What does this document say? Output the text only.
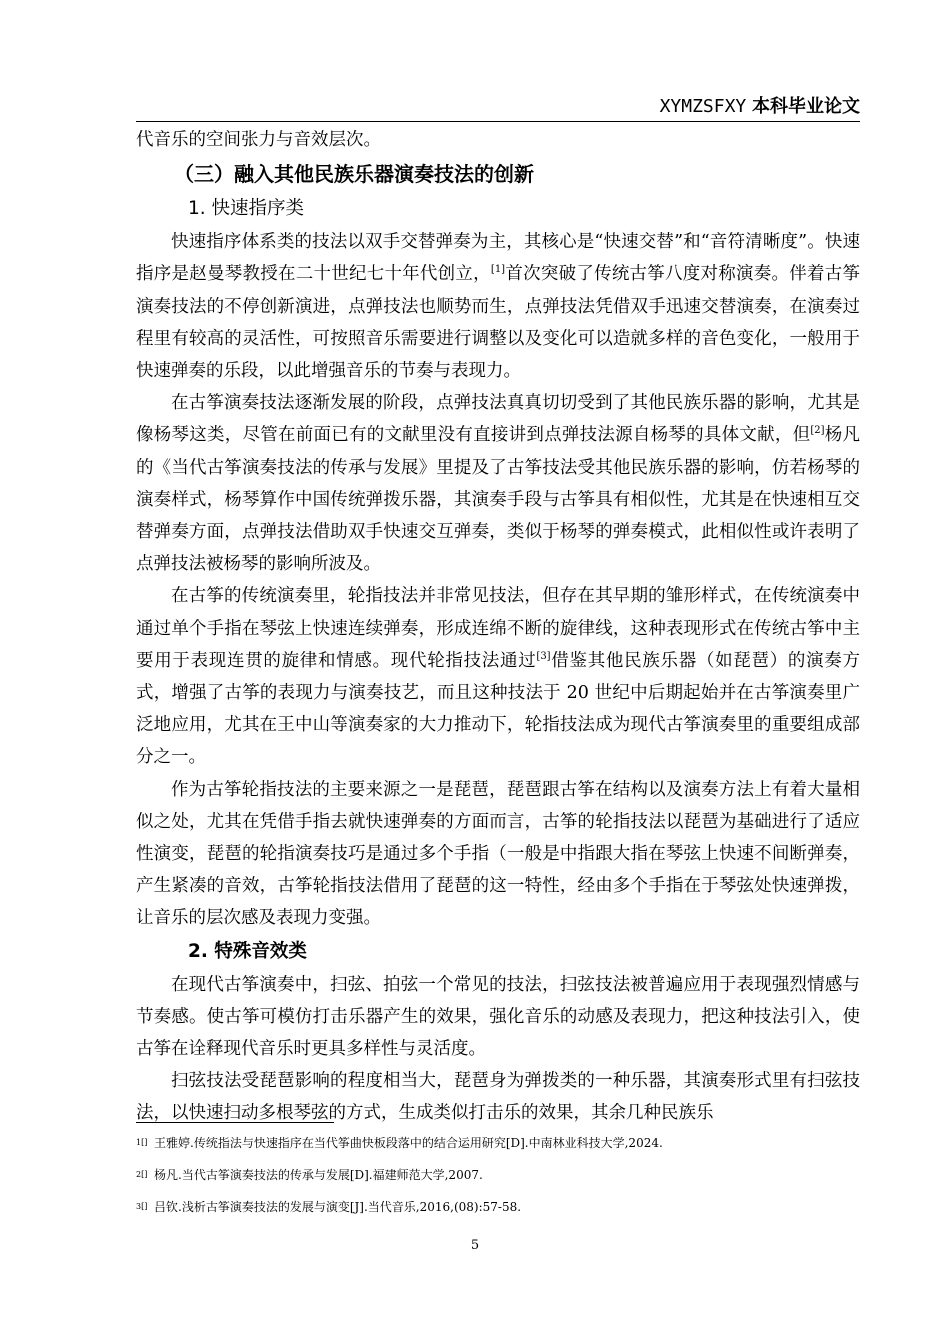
XYMZSFXY 本科毕业论文

代音乐的空间张力与音效层次。

（三）融入其他民族乐器演奏技法的创新
1. 快速指序类

快速指序体系类的技法以双手交替弹奏为主，其核心是“快速交替”和“音符清晰度”。快速指序是赵曼琴教授在二十世纪七十年代创立，[1]首次突破了传统古筝八度对称演奏。伴着古筝演奏技法的不停创新演进，点弹技法也顺势而生，点弹技法凭借双手迅速交替演奏，在演奏过程里有较高的灵活性，可按照音乐需要进行调整以及变化可以造就多样的音色变化，一般用于快速弹奏的乐段，以此增强音乐的节奏与表现力。

在古筝演奏技法逐渐发展的阶段，点弹技法真真切切受到了其他民族乐器的影响，尤其是像杨琴这类，尽管在前面已有的文献里没有直接讲到点弹技法源自杨琴的具体文献，但[2]杨凡的《当代古筝演奏技法的传承与发展》里提及了古筝技法受其他民族乐器的影响，仿若杨琴的演奏样式，杨琴算作中国传统弹拨乐器，其演奏手段与古筝具有相似性，尤其是在快速相互交替弹奏方面，点弹技法借助双手快速交互弹奏，类似于杨琴的弹奏模式，此相似性或许表明了点弹技法被杨琴的影响所波及。

在古筝的传统演奏里，轮指技法并非常见技法，但存在其早期的雏形样式，在传统演奏中通过单个手指在琴弦上快速连续弹奏，形成连绵不断的旋律线，这种表现形式在传统古筝中主要用于表现连贯的旋律和情感。现代轮指技法通过[3]借鉴其他民族乐器（如琵琶）的演奏方式，增强了古筝的表现力与演奏技艺，而且这种技法于 20 世纪中后期起始并在古筝演奏里广泛地应用，尤其在王中山等演奏家的大力推动下，轮指技法成为现代古筝演奏里的重要组成部分之一。

作为古筝轮指技法的主要来源之一是琵琶，琵琶跟古筝在结构以及演奏方法上有着大量相似之处，尤其在凭借手指去就快速弹奏的方面而言，古筝的轮指技法以琵琶为基础进行了适应性演变，琵琶的轮指演奏技巧是通过多个手指（一般是中指跟大指在琴弦上快速不间断弹奏，产生紧凑的音效，古筝轮指技法借用了琵琶的这一特性，经由多个手指在于琴弦处快速弹拨，让音乐的层次感及表现力变强。

2. 特殊音效类

在现代古筝演奏中，扫弦、拍弦一个常见的技法，扫弦技法被普遍应用于表现强烈情感与节奏感。使古筝可模仿打击乐器产生的效果，强化音乐的动感及表现力，把这种技法引入，使古筝在诠释现代音乐时更具多样性与灵活度。

扫弦技法受琵琶影响的程度相当大，琵琶身为弹拨类的一种乐器，其演奏形式里有扫弦技法，以快速扫动多根琴弦的方式，生成类似打击乐的效果，其余几种民族乐

1[] 王雅婷.传统指法与快速指序在当代筝曲快板段落中的结合运用研究[D].中南林业科技大学,2024.
2[] 杨凡.当代古筝演奏技法的传承与发展[D].福建师范大学,2007.
3[] 吕钦.浅析古筝演奏技法的发展与演变[J].当代音乐,2016,(08):57-58.
5
